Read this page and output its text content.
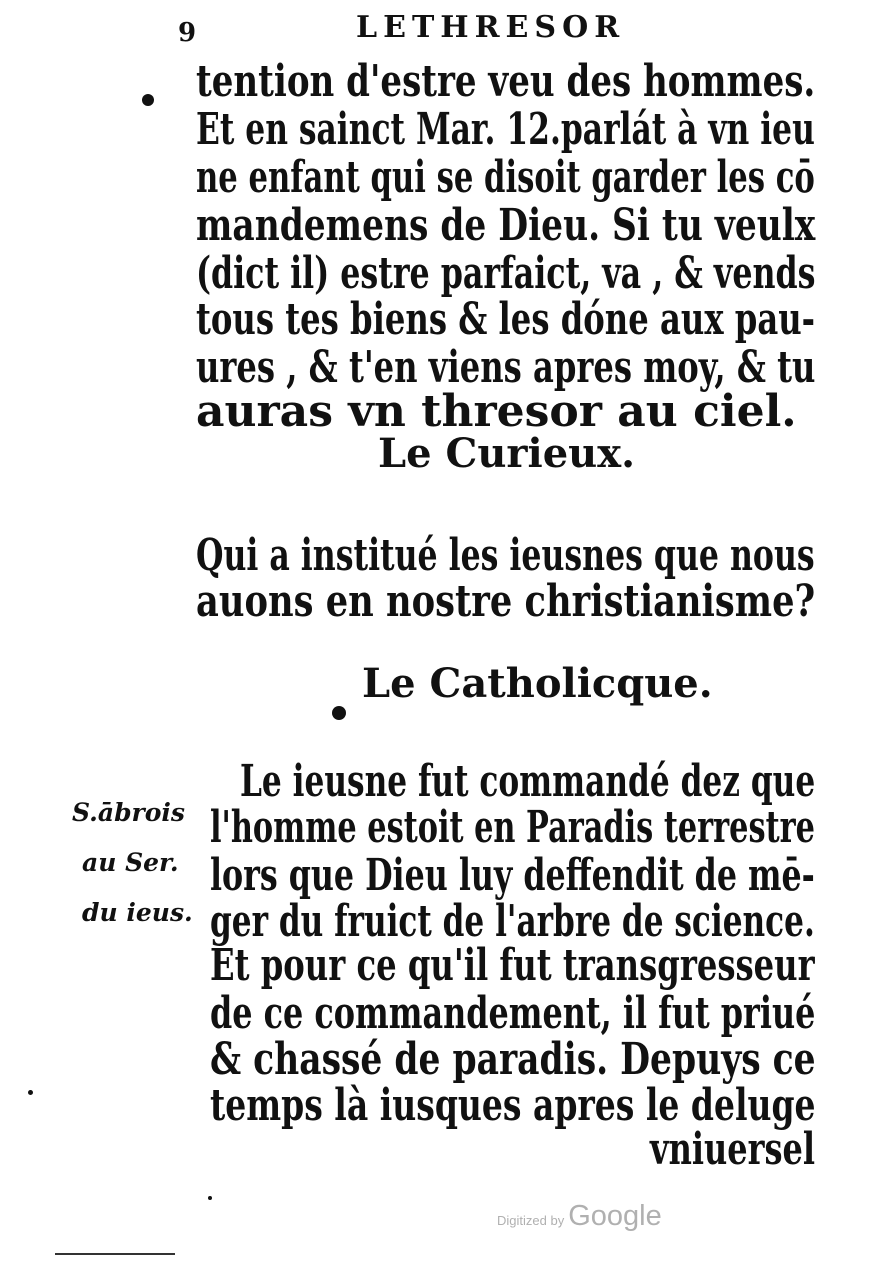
9	LETHRESOR
tention d'estre veu des hommes.
Et en sainct Mar. 12.parlát à vn ieu
ne enfant qui se disoit garder les cō
mandemens de Dieu. Si tu veulx
(dict il) estre parfaict, va , & vends
tous tes biens & les dóne aux pau-
ures , & t'en viens apres moy, & tu
auras vn thresor au ciel.
Le Curieux.
Qui a institué les ieusnes que nous
auons en nostre christianisme?
Le Catholicque.
Le ieusne fut commandé dez que
l'homme estoit en Paradis terrestre
lors que Dieu luy deffendit de mē-
ger du fruict de l'arbre de science.
Et pour ce qu'il fut transgresseur
de ce commandement, il fut priué
& chassé de paradis. Depuys ce
temps là iusques apres le deluge
vniuersel
S.ābrois
au Ser.
du ieus.
Digitized by Google
